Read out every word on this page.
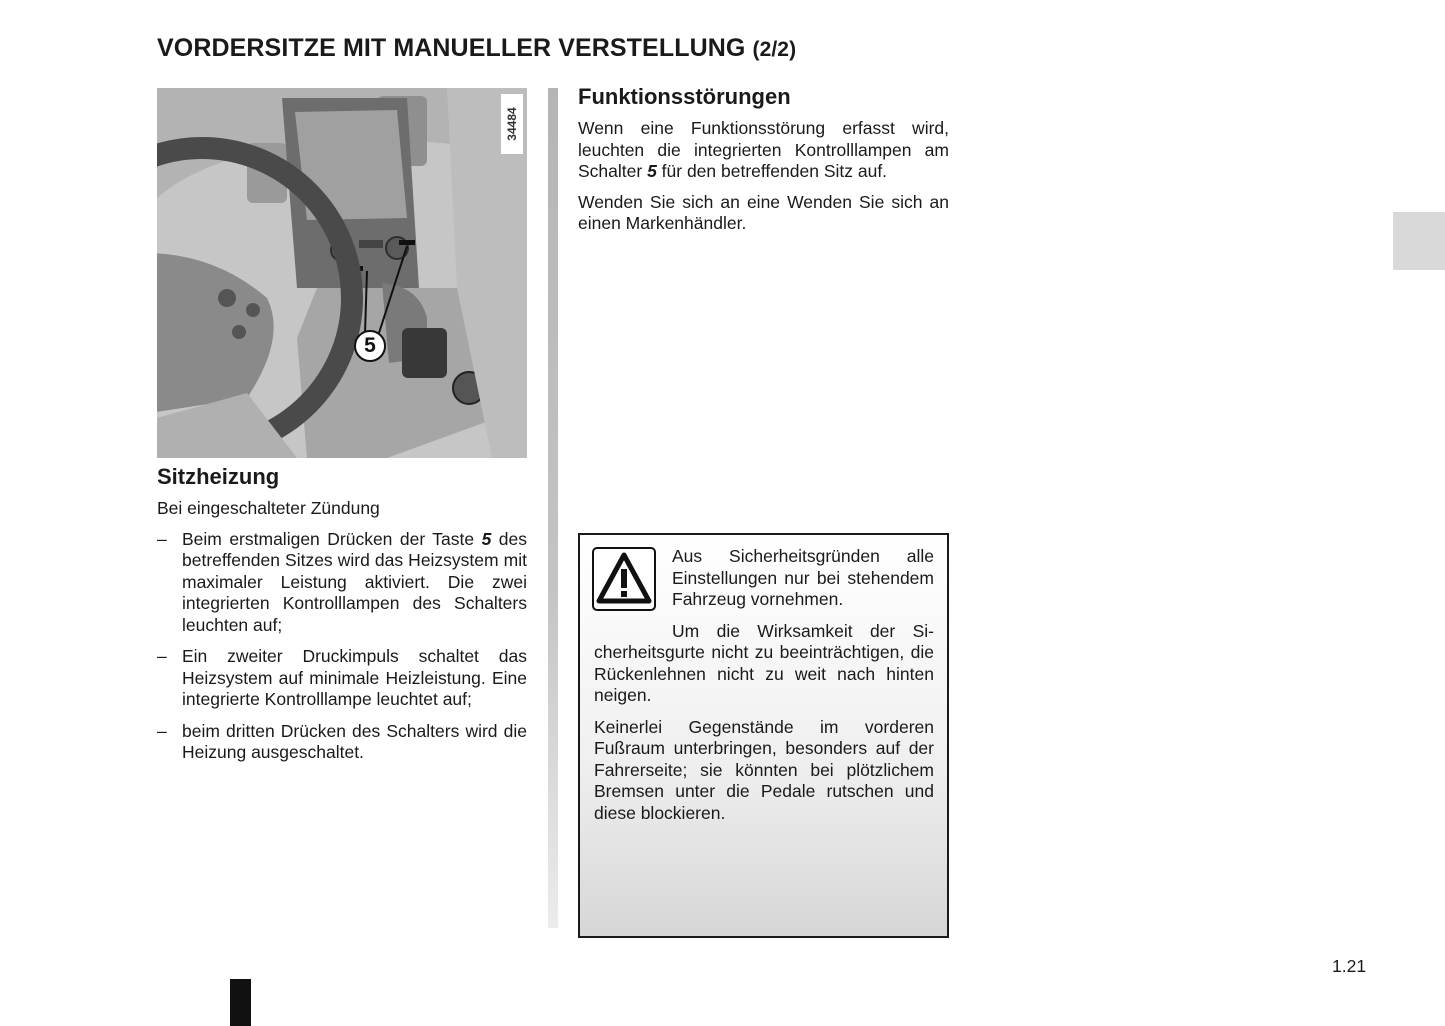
VORDERSITZE MIT MANUELLER VERSTELLUNG (2/2)
34484
5
Sitzheizung

Bei eingeschalteter Zündung

– Beim erstmaligen Drücken der Taste 5 des betreffenden Sitzes wird das Heizsystem mit maximaler Leistung aktiviert. Die zwei integrierten Kontrolllampen des Schalters leuchten auf;
– Ein zweiter Druckimpuls schaltet das Heizsystem auf minimale Heizleistung. Eine integrierte Kontrolllampe leuchtet auf;
– beim dritten Drücken des Schalters wird die Heizung ausgeschaltet.
Funktionsstörungen

Wenn eine Funktionsstörung erfasst wird, leuchten die integrierten Kontrolllampen am Schalter 5 für den betreffenden Sitz auf.

Wenden Sie sich an eine Wenden Sie sich an einen Markenhändler.

Aus Sicherheitsgründen alle Einstellungen nur bei stehendem Fahrzeug vornehmen.

Um die Wirksamkeit der Sicherheitsgurte nicht zu beeinträchtigen, die Rückenlehnen nicht zu weit nach hinten neigen.

Keinerlei Gegenstände im vorderen Fußraum unterbringen, besonders auf der Fahrerseite; sie könnten bei plötzlichem Bremsen unter die Pedale rutschen und diese blockieren.

1.21
